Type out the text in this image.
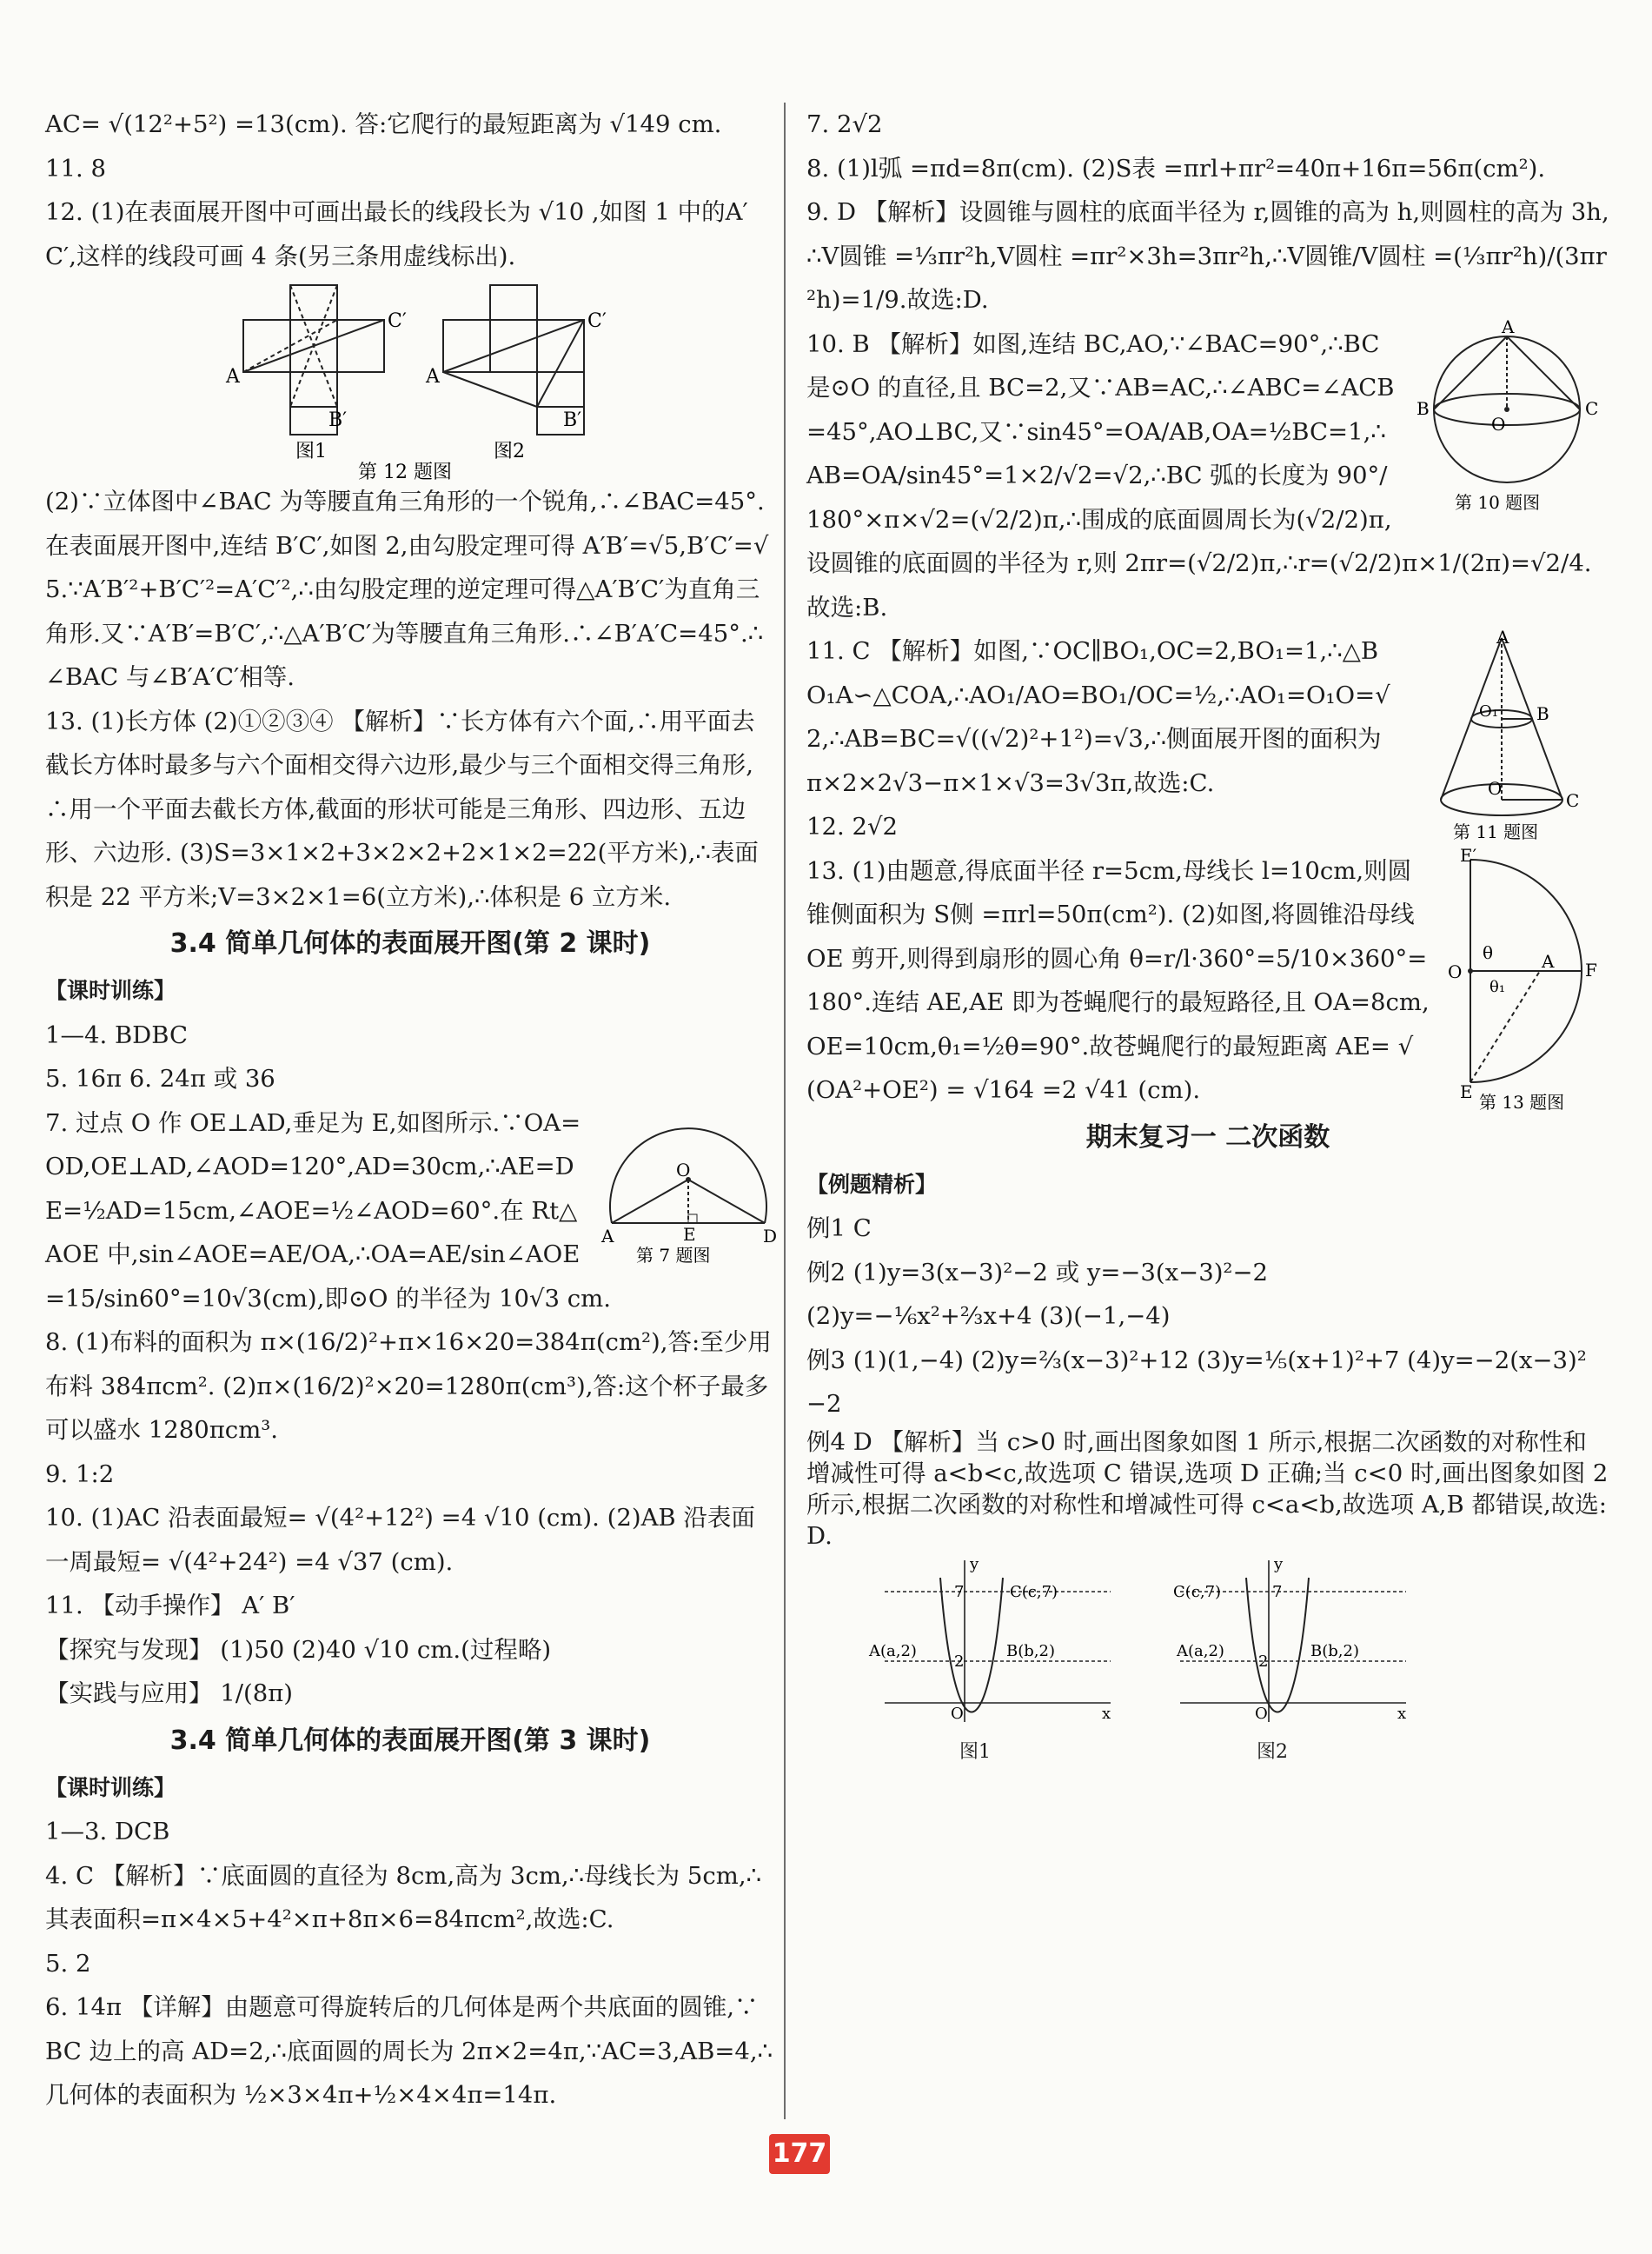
AC= √(12²+5²) =13(cm). 答:它爬行的最短距离为 √149 cm.

11. 8

12. (1)在表面展开图中可画出最长的线段长为 √10 ,如图 1 中的A′C′,这样的线段可画 4 条(另三条用虚线标出).

C′
A
B′
C′
A
B′
图1	图2
第 12 题图

(2)∵立体图中∠BAC 为等腰直角三角形的一个锐角,∴∠BAC=45°.在表面展开图中,连结 B′C′,如图 2,由勾股定理可得 A′B′=√5,B′C′=√5.∵A′B′²+B′C′²=A′C′²,∴由勾股定理的逆定理可得△A′B′C′为直角三角形.又∵A′B′=B′C′,∴△A′B′C′为等腰直角三角形.∴∠B′A′C=45°.∴∠BAC 与∠B′A′C′相等.

13. (1)长方体 (2)①②③④ 【解析】∵长方体有六个面,∴用平面去截长方体时最多与六个面相交得六边形,最少与三个面相交得三角形,∴用一个平面去截长方体,截面的形状可能是三角形、四边形、五边形、六边形. (3)S=3×1×2+3×2×2+2×1×2=22(平方米),∴表面积是 22 平方米;V=3×2×1=6(立方米),∴体积是 6 立方米.

3.4 简单几何体的表面展开图(第 2 课时)
【课时训练】

1—4. BDBC

5. 16π 6. 24π 或 36

O
A	E	D
第 7 题图

7. 过点 O 作 OE⊥AD,垂足为 E,如图所示.∵OA=OD,OE⊥AD,∠AOD=120°,AD=30cm,∴AE=DE=½AD=15cm,∠AOE=½∠AOD=60°.在 Rt△AOE 中,sin∠AOE=AE/OA,∴OA=AE/sin∠AOE=15/sin60°=10√3(cm),即⊙O 的半径为 10√3 cm.

8. (1)布料的面积为 π×(16/2)²+π×16×20=384π(cm²),答:至少用布料 384πcm². (2)π×(16/2)²×20=1280π(cm³),答:这个杯子最多可以盛水 1280πcm³.

9. 1:2

10. (1)AC 沿表面最短= √(4²+12²) =4 √10 (cm). (2)AB 沿表面一周最短= √(4²+24²) =4 √37 (cm).

11. 【动手操作】 A′ B′

【探究与发现】 (1)50 (2)40 √10 cm.(过程略)

【实践与应用】 1/(8π)

3.4 简单几何体的表面展开图(第 3 课时)
【课时训练】

1—3. DCB

4. C 【解析】∵底面圆的直径为 8cm,高为 3cm,∴母线长为 5cm,∴其表面积=π×4×5+4²×π+8π×6=84πcm²,故选:C.

5. 2

6. 14π 【详解】由题意可得旋转后的几何体是两个共底面的圆锥,∵BC 边上的高 AD=2,∴底面圆的周长为 2π×2=4π,∵AC=3,AB=4,∴几何体的表面积为 ½×3×4π+½×4×4π=14π.

7. 2√2

8. (1)l弧 =πd=8π(cm). (2)S表 =πrl+πr²=40π+16π=56π(cm²).

9. D 【解析】设圆锥与圆柱的底面半径为 r,圆锥的高为 h,则圆柱的高为 3h,∴V圆锥 =⅓πr²h,V圆柱 =πr²×3h=3πr²h,∴V圆锥/V圆柱 =(⅓πr²h)/(3πr²h)=1/9.故选:D.

A
B	C
O
第 10 题图

10. B 【解析】如图,连结 BC,AO,∵∠BAC=90°,∴BC 是⊙O 的直径,且 BC=2,又∵AB=AC,∴∠ABC=∠ACB=45°,AO⊥BC,又∵sin45°=OA/AB,OA=½BC=1,∴AB=OA/sin45°=1×2/√2=√2,∴BC 弧的长度为 90°/180°×π×√2=(√2/2)π,∴围成的底面圆周长为(√2/2)π,设圆锥的底面圆的半径为 r,则 2πr=(√2/2)π,∴r=(√2/2)π×1/(2π)=√2/4.故选:B.

A
B
C
O
O₁
第 11 题图

11. C 【解析】如图,∵OC∥BO₁,OC=2,BO₁=1,∴△BO₁A∽△COA,∴AO₁/AO=BO₁/OC=½,∴AO₁=O₁O=√2,∴AB=BC=√((√2)²+1²)=√3,∴侧面展开图的面积为 π×2×2√3−π×1×√3=3√3π,故选:C.

12. 2√2

E′
O
θ
θ₁
A F
E 第 13 题图

13. (1)由题意,得底面半径 r=5cm,母线长 l=10cm,则圆锥侧面积为 S侧 =πrl=50π(cm²). (2)如图,将圆锥沿母线 OE 剪开,则得到扇形的圆心角 θ=r/l·360°=5/10×360°=180°.连结 AE,AE 即为苍蝇爬行的最短路径,且 OA=8cm,OE=10cm,θ₁=½θ=90°.故苍蝇爬行的最短距离 AE= √(OA²+OE²) = √164 =2 √41 (cm).

期末复习一 二次函数
【例题精析】

例1 C

例2 (1)y=3(x−3)²−2 或 y=−3(x−3)²−2

(2)y=−⅙x²+⅔x+4 (3)(−1,−4)

例3 (1)(1,−4) (2)y=⅔(x−3)²+12 (3)y=⅕(x+1)²+7 (4)y=−2(x−3)²−2

例4 D 【解析】当 c>0 时,画出图象如图 1 所示,根据二次函数的对称性和增减性可得 a<b<c,故选项 C 错误,选项 D 正确;当 c<0 时,画出图象如图 2 所示,根据二次函数的对称性和增减性可得 c<a<b,故选项 A,B 都错误,故选:D.

y
x
O
7
2
C(c,7)
A(a,2)	B(b,2)
y
x
O
7
2
C(c,7)
A(a,2)	B(b,2)
图1	图2
177
